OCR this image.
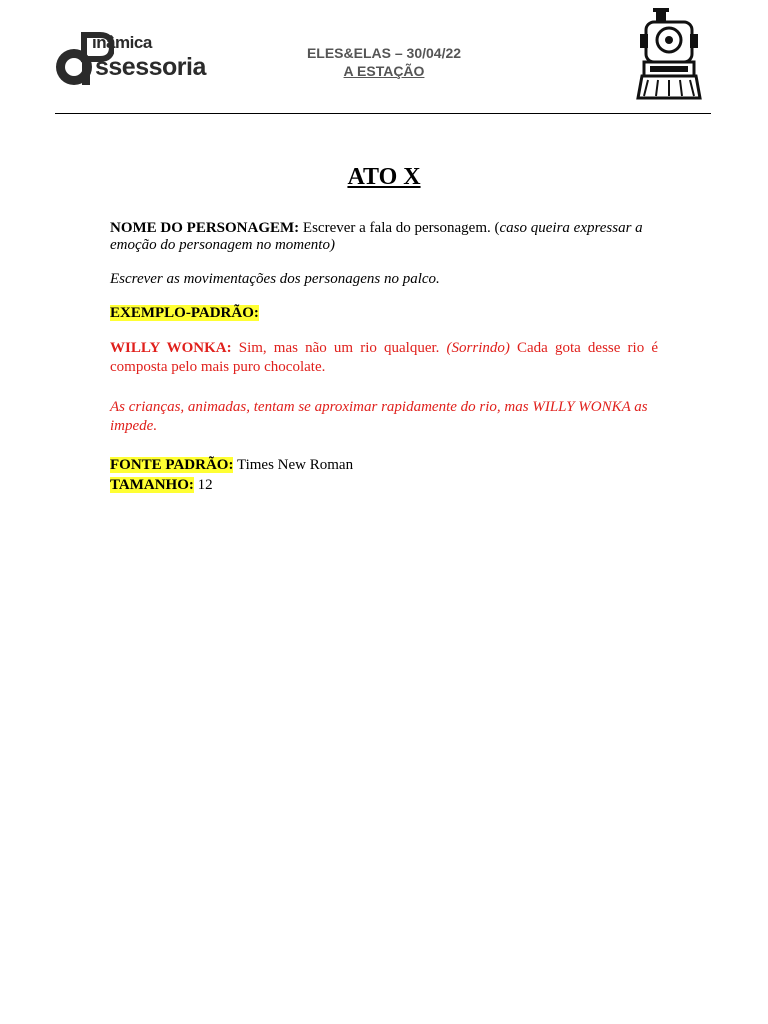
inâmica
ssessoria	ELES&ELAS – 30/04/22
A ESTAÇÃO
ATO X

NOME DO PERSONAGEM: Escrever a fala do personagem. (caso queira expressar a emoção do personagem no momento)

Escrever as movimentações dos personagens no palco.

EXEMPLO-PADRÃO:

WILLY WONKA: Sim, mas não um rio qualquer. (Sorrindo) Cada gota desse rio é composta pelo mais puro chocolate.

As crianças, animadas, tentam se aproximar rapidamente do rio, mas WILLY WONKA as impede.

FONTE PADRÃO: Times New Roman

TAMANHO: 12
